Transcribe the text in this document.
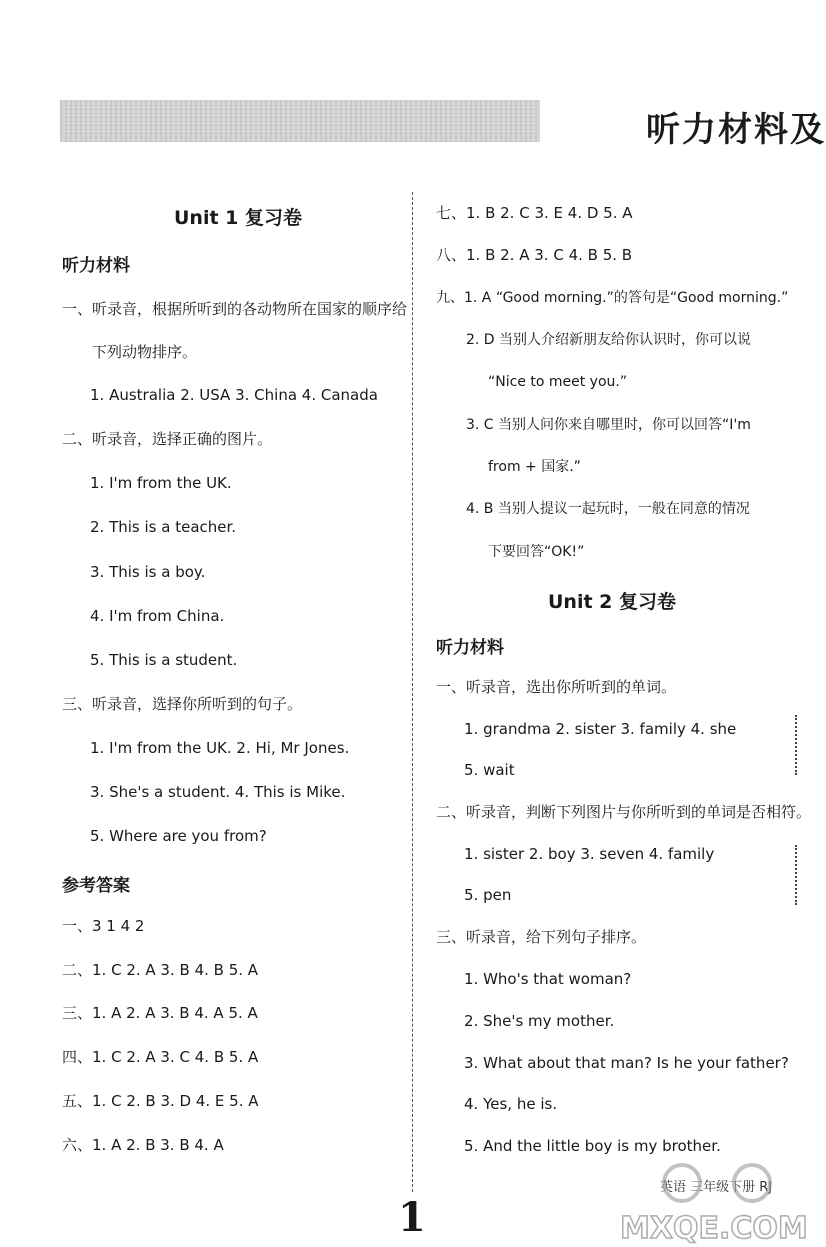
听力材料及
Unit 1 复习卷
听力材料
一、听录音，根据所听到的各动物所在国家的顺序给
下列动物排序。
1. Australia 2. USA 3. China 4. Canada
二、听录音，选择正确的图片。
1. I'm from the UK.
2. This is a teacher.
3. This is a boy.
4. I'm from China.
5. This is a student.
三、听录音，选择你所听到的句子。
1. I'm from the UK. 2. Hi, Mr Jones.
3. She's a student. 4. This is Mike.
5. Where are you from?
参考答案
一、3 1 4 2
二、1. C 2. A 3. B 4. B 5. A
三、1. A 2. A 3. B 4. A 5. A
四、1. C 2. A 3. C 4. B 5. A
五、1. C 2. B 3. D 4. E 5. A
六、1. A 2. B 3. B 4. A
七、1. B 2. C 3. E 4. D 5. A
八、1. B 2. A 3. C 4. B 5. B
九、1. A “Good morning.”的答句是“Good morning.”
2. D 当别人介绍新朋友给你认识时，你可以说
“Nice to meet you.”
3. C 当别人问你来自哪里时，你可以回答“I'm
from + 国家.”
4. B 当别人提议一起玩时，一般在同意的情况
下要回答“OK!”
Unit 2 复习卷
听力材料
一、听录音，选出你所听到的单词。
1. grandma 2. sister 3. family 4. she
5. wait
二、听录音，判断下列图片与你所听到的单词是否相符。
1. sister 2. boy 3. seven 4. family
5. pen
三、听录音，给下列句子排序。
1. Who's that woman?
2. She's my mother.
3. What about that man? Is he your father?
4. Yes, he is.
5. And the little boy is my brother.
1
英语 三年级下册 RJ
MXQE.COM
